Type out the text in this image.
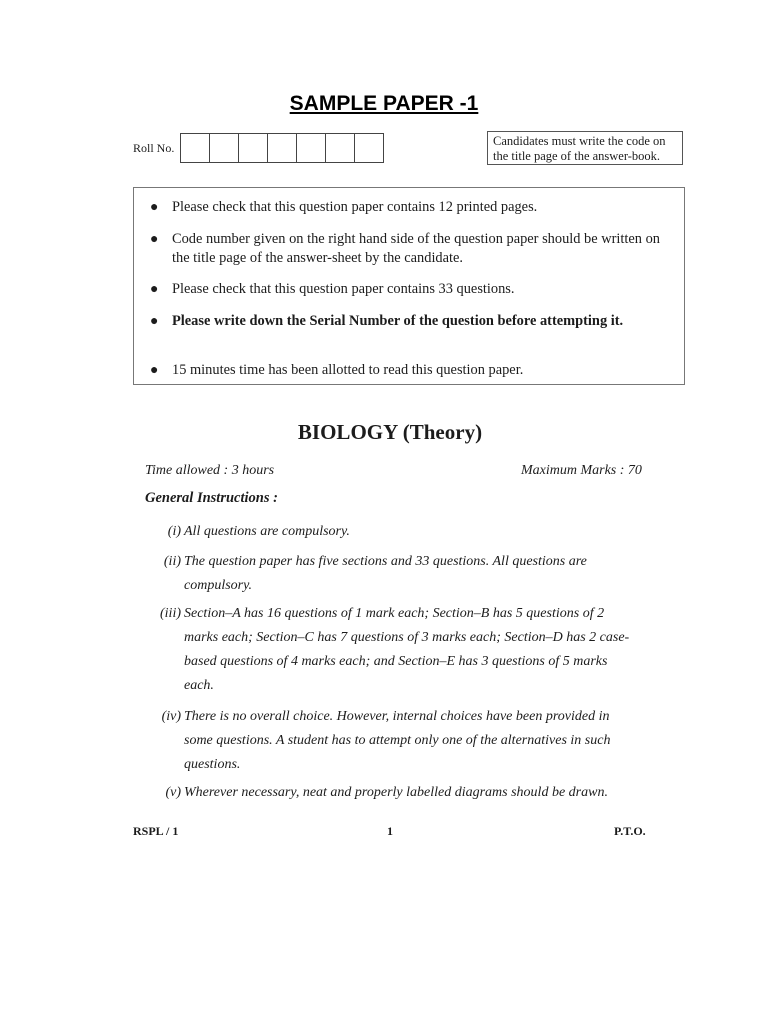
SAMPLE PAPER -1
Roll No.	Candidates must write the code on the title page of the answer-book.
● Please check that this question paper contains 12 printed pages.
● Code number given on the right hand side of the question paper should be written on the title page of the answer-sheet by the candidate.
● Please check that this question paper contains 33 questions.
● Please write down the Serial Number of the question before attempting it.
● 15 minutes time has been allotted to read this question paper.
BIOLOGY (Theory)
Time allowed : 3 hours	Maximum Marks : 70
General Instructions :
(i) All questions are compulsory.
(ii) The question paper has five sections and 33 questions. All questions are compulsory.
(iii) Section–A has 16 questions of 1 mark each; Section–B has 5 questions of 2 marks each; Section–C has 7 questions of 3 marks each; Section–D has 2 case-based questions of 4 marks each; and Section–E has 3 questions of 5 marks each.
(iv) There is no overall choice. However, internal choices have been provided in some questions. A student has to attempt only one of the alternatives in such questions.
(v) Wherever necessary, neat and properly labelled diagrams should be drawn.
RSPL / 1	1	P.T.O.
